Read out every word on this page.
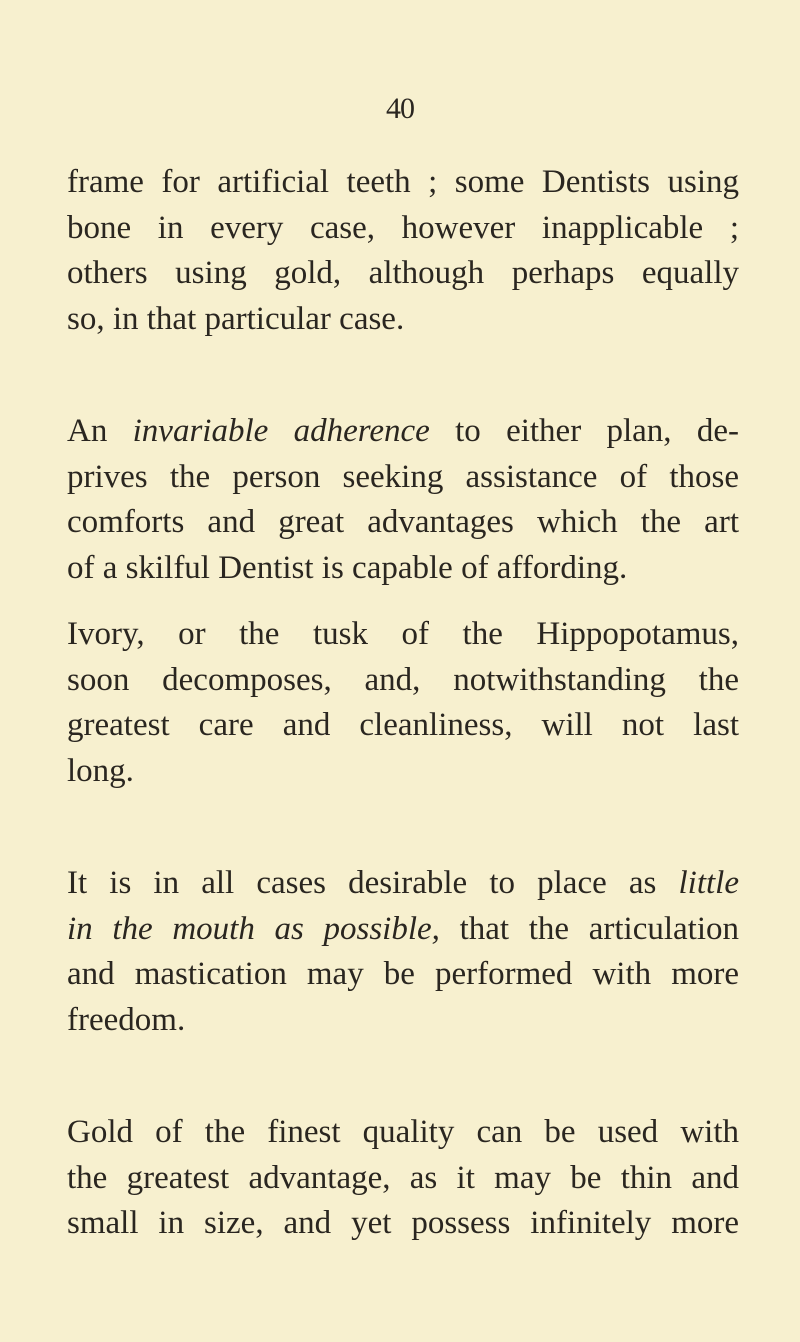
40
frame for artificial teeth ; some Dentists using
bone in every case, however inapplicable ;
others using gold, although perhaps equally
so, in that particular case.
An invariable adherence to either plan, de-
prives the person seeking assistance of those
comforts and great advantages which the art
of a skilful Dentist is capable of affording.
Ivory, or the tusk of the Hippopotamus,
soon decomposes, and, notwithstanding the
greatest care and cleanliness, will not last
long.
It is in all cases desirable to place as little
in the mouth as possible, that the articulation
and mastication may be performed with more
freedom.
Gold of the finest quality can be used with
the greatest advantage, as it may be thin and
small in size, and yet possess infinitely more
